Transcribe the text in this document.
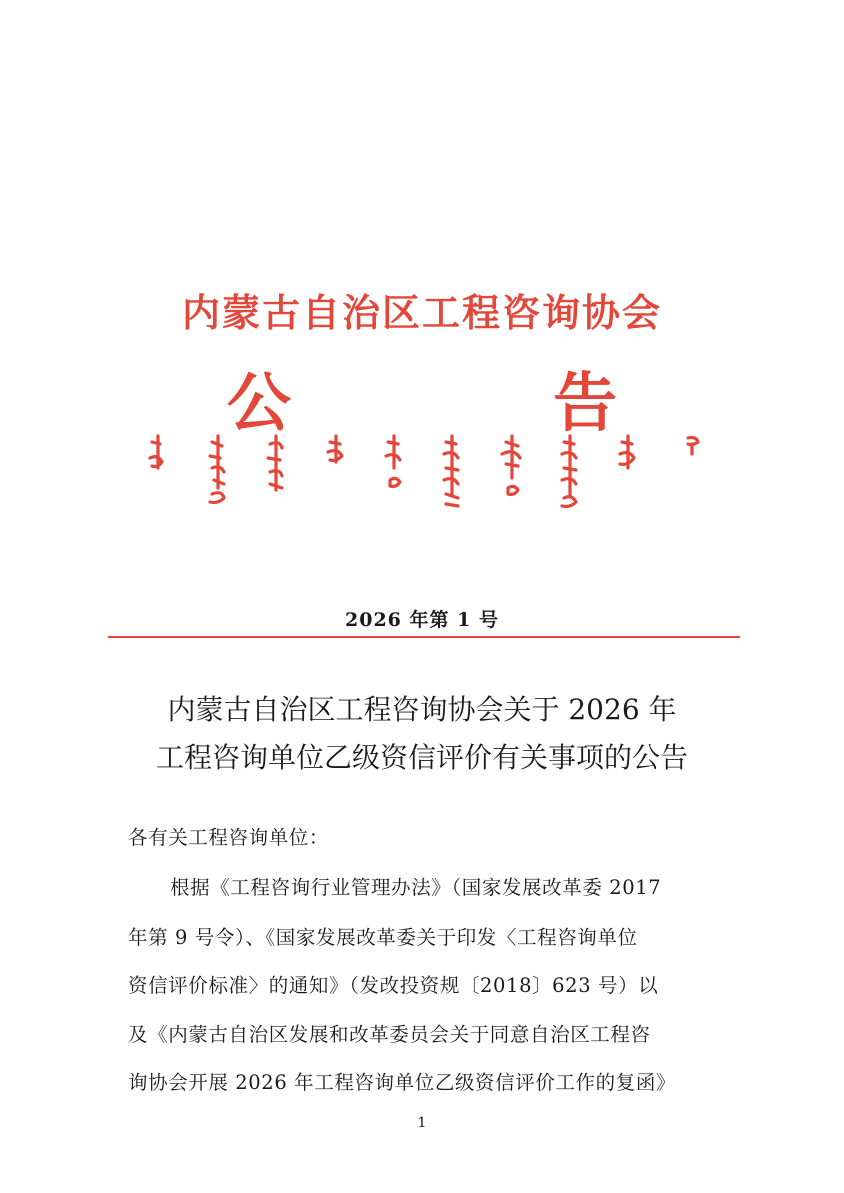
内蒙古自治区工程咨询协会
公 告
2026 年第 1 号
内蒙古自治区工程咨询协会关于 2026 年
工程咨询单位乙级资信评价有关事项的公告
各有关工程咨询单位：
根据《工程咨询行业管理办法》（国家发展改革委 2017
年第 9 号令）、《国家发展改革委关于印发〈工程咨询单位
资信评价标准〉的通知》（发改投资规〔2018〕623 号）以
及《内蒙古自治区发展和改革委员会关于同意自治区工程咨
询协会开展 2026 年工程咨询单位乙级资信评价工作的复函》
1
